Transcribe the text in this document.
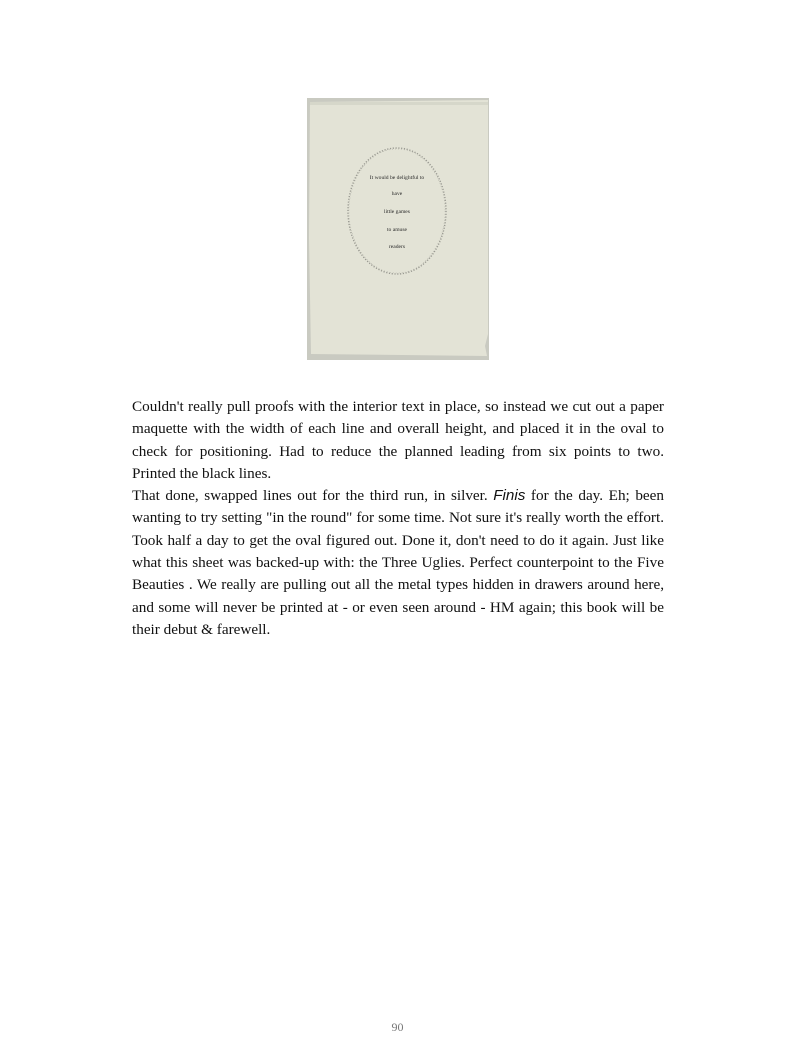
It would be delightful to
have
little games
to amuse
readers

Couldn't really pull proofs with the interior text in place, so instead we cut out a paper maquette with the width of each line and overall height, and placed it in the oval to check for positioning. Had to reduce the planned leading from six points to two. Printed the black lines.

That done, swapped lines out for the third run, in silver. Finis for the day. Eh; been wanting to try setting "in the round" for some time. Not sure it's really worth the effort. Took half a day to get the oval figured out. Done it, don't need to do it again. Just like what this sheet was backed-up with: the Three Uglies. Perfect counterpoint to the Five Beauties . We really are pulling out all the metal types hidden in drawers around here, and some will never be printed at - or even seen around - HM again; this book will be their debut & farewell.

90
